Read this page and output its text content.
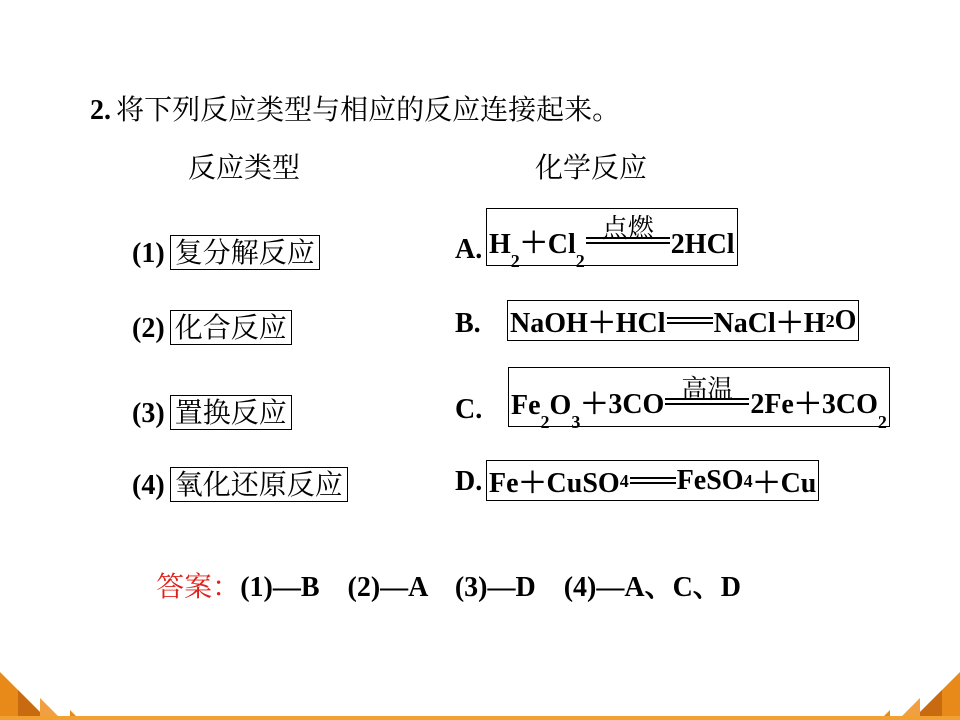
2. 将下列反应类型与相应的反应连接起来。
反应类型	化学反应
(1) 复分解反应
(2) 化合反应
(3) 置换反应
(4) 氧化还原反应
A. H
2
＋ Cl
2
点燃 2HCl
B. NaOH＋HCl NaCl＋H 2 O
C. Fe
2
O
3
＋3CO 高温 2Fe＋3CO
2
D. Fe＋CuSO 4 FeSO 4 ＋Cu

答案：(1)—B    (2)—A    (3)—D    (4)—A、C、D
